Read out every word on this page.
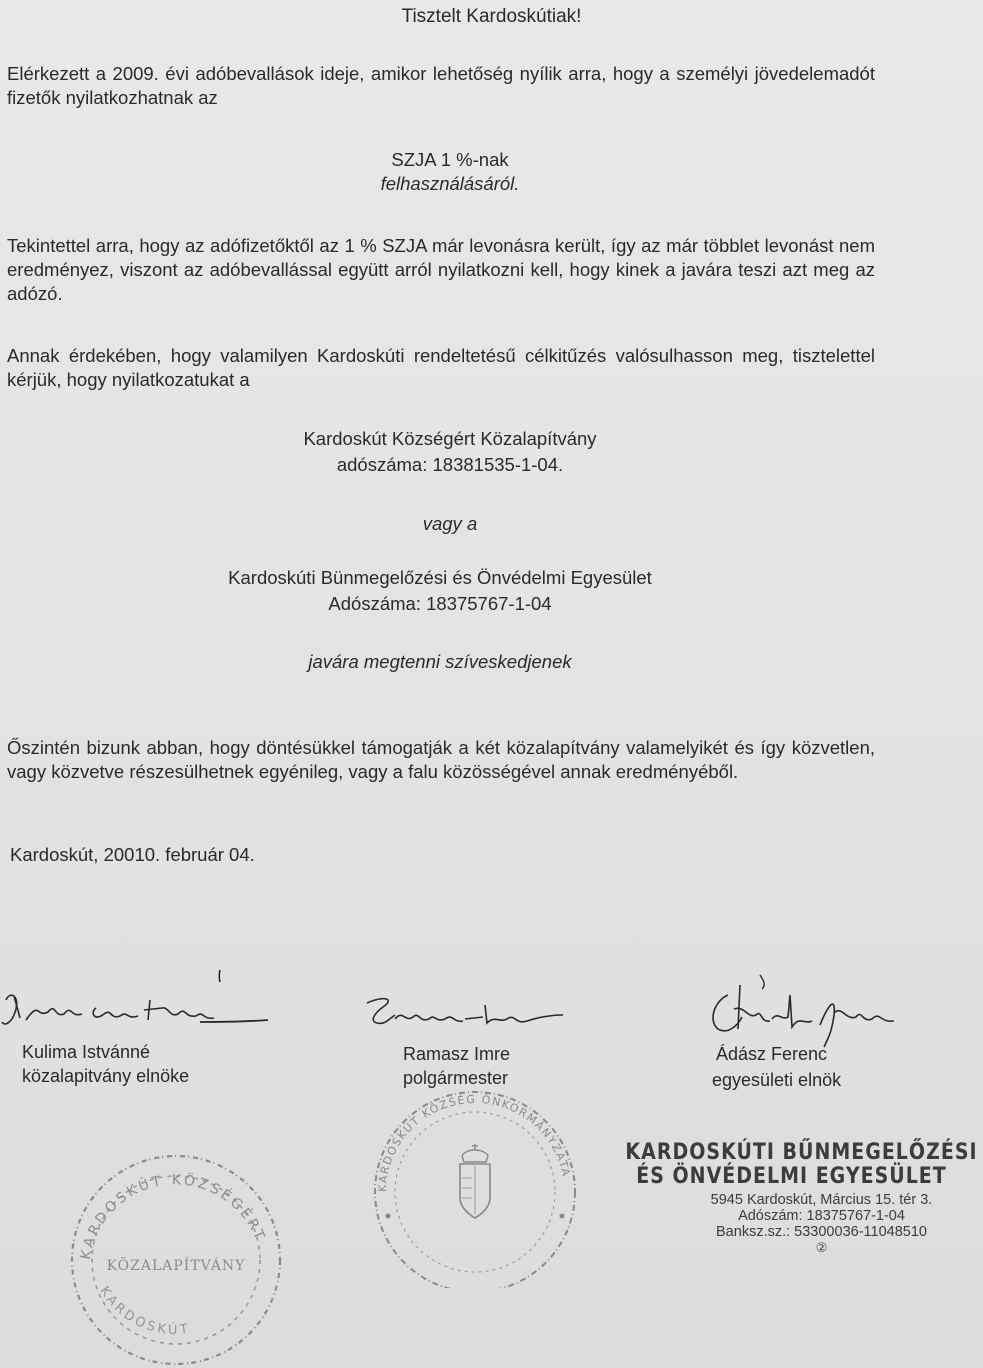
Tisztelt Kardoskútiak!
Elérkezett a 2009. évi adóbevallások ideje, amikor lehetőség nyílik arra, hogy a személyi jövedelemadót fizetők nyilatkozhatnak az
SZJA 1 %-nak
felhasználásáról.
Tekintettel arra, hogy az adófizetőktől az 1 % SZJA már levonásra került, így az már többlet levonást nem eredményez, viszont az adóbevallással együtt arról nyilatkozni kell, hogy kinek a javára teszi azt meg az adózó.
Annak érdekében, hogy valamilyen Kardoskúti rendeltetésű célkitűzés valósulhasson meg, tisztelettel kérjük, hogy nyilatkozatukat a
Kardoskút Községért Közalapítvány
adószáma: 18381535-1-04.
vagy a
Kardoskúti Bünmegelőzési és Önvédelmi Egyesület
Adószáma: 18375767-1-04
javára megtenni szíveskedjenek
Őszintén bizunk abban, hogy döntésükkel támogatják a két közalapítvány valamelyikét és így közvetlen, vagy közvetve részesülhetnek egyénileg, vagy a falu közösségével annak eredményéből.
Kardoskút, 20010. február 04.
Kulima Istvánné
közalapitvány elnöke
Ramasz Imre
polgármester
Ádász Ferenc
egyesületi elnök
KARDOSKÚT KÖZSÉGÉRT
KÖZALAPÍTVÁNY
KARDOSKÚT
KARDOSKÚT KÖZSÉG ÖNKORMÁNYZATA
KARDOSKÚTI BŰNMEGELŐZÉSI
ÉS ÖNVÉDELMI EGYESÜLET
5945 Kardoskút, Március 15. tér 3.
Adószám: 18375767-1-04
Banksz.sz.: 53300036-11048510
②
